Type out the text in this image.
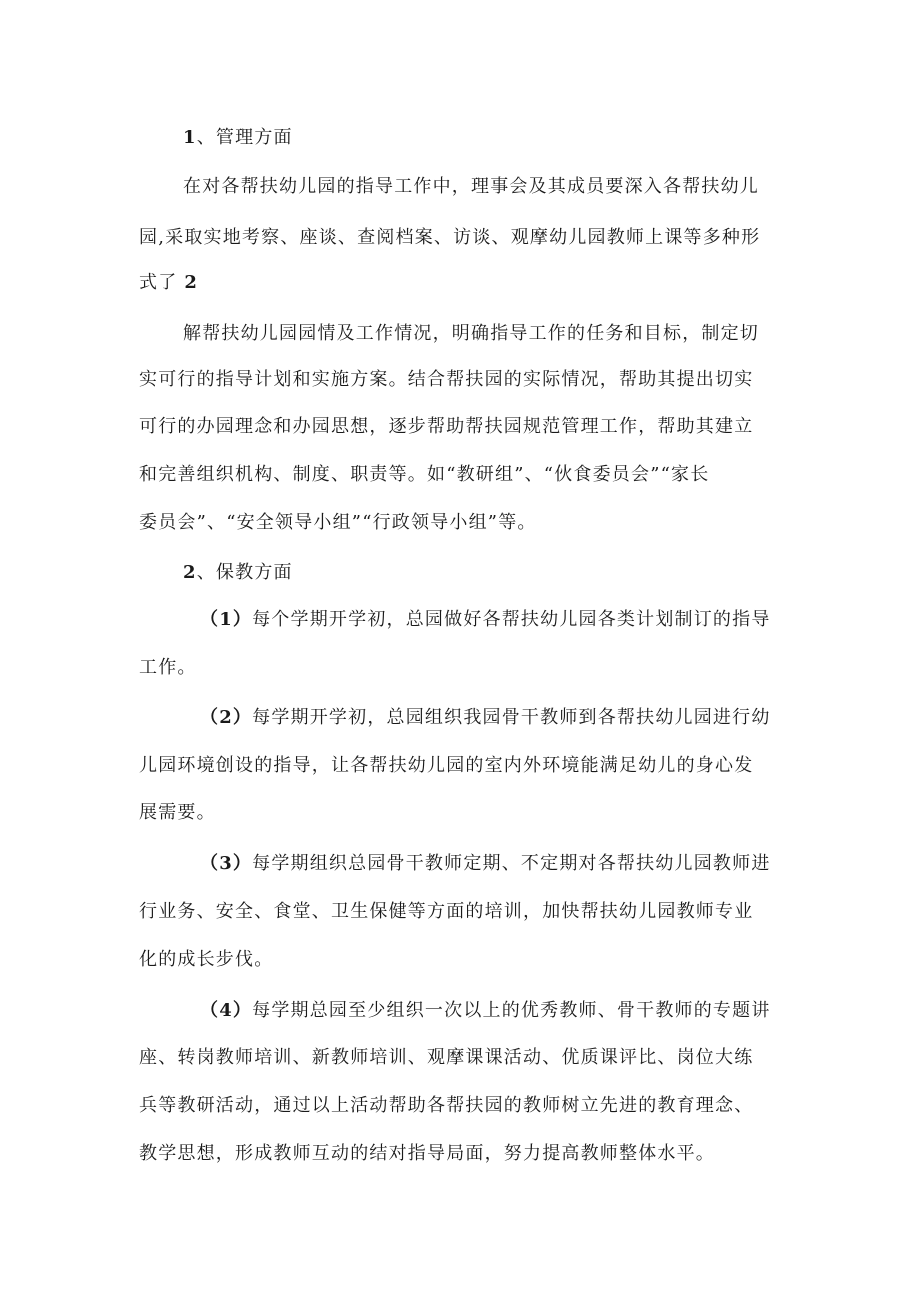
1、管理方面
在对各帮扶幼儿园的指导工作中，理事会及其成员要深入各帮扶幼儿
园,采取实地考察、座谈、查阅档案、访谈、观摩幼儿园教师上课等多种形
式了 2
解帮扶幼儿园园情及工作情况，明确指导工作的任务和目标，制定切
实可行的指导计划和实施方案。结合帮扶园的实际情况，帮助其提出切实
可行的办园理念和办园思想，逐步帮助帮扶园规范管理工作，帮助其建立
和完善组织机构、制度、职责等。如“教研组”、“伙食委员会”“家长
委员会”、“安全领导小组”“行政领导小组”等。
2、保教方面
（1）每个学期开学初，总园做好各帮扶幼儿园各类计划制订的指导
工作。
（2）每学期开学初，总园组织我园骨干教师到各帮扶幼儿园进行幼
儿园环境创设的指导，让各帮扶幼儿园的室内外环境能满足幼儿的身心发
展需要。
（3）每学期组织总园骨干教师定期、不定期对各帮扶幼儿园教师进
行业务、安全、食堂、卫生保健等方面的培训，加快帮扶幼儿园教师专业
化的成长步伐。
（4）每学期总园至少组织一次以上的优秀教师、骨干教师的专题讲
座、转岗教师培训、新教师培训、观摩课课活动、优质课评比、岗位大练
兵等教研活动，通过以上活动帮助各帮扶园的教师树立先进的教育理念、
教学思想，形成教师互动的结对指导局面，努力提高教师整体水平。
